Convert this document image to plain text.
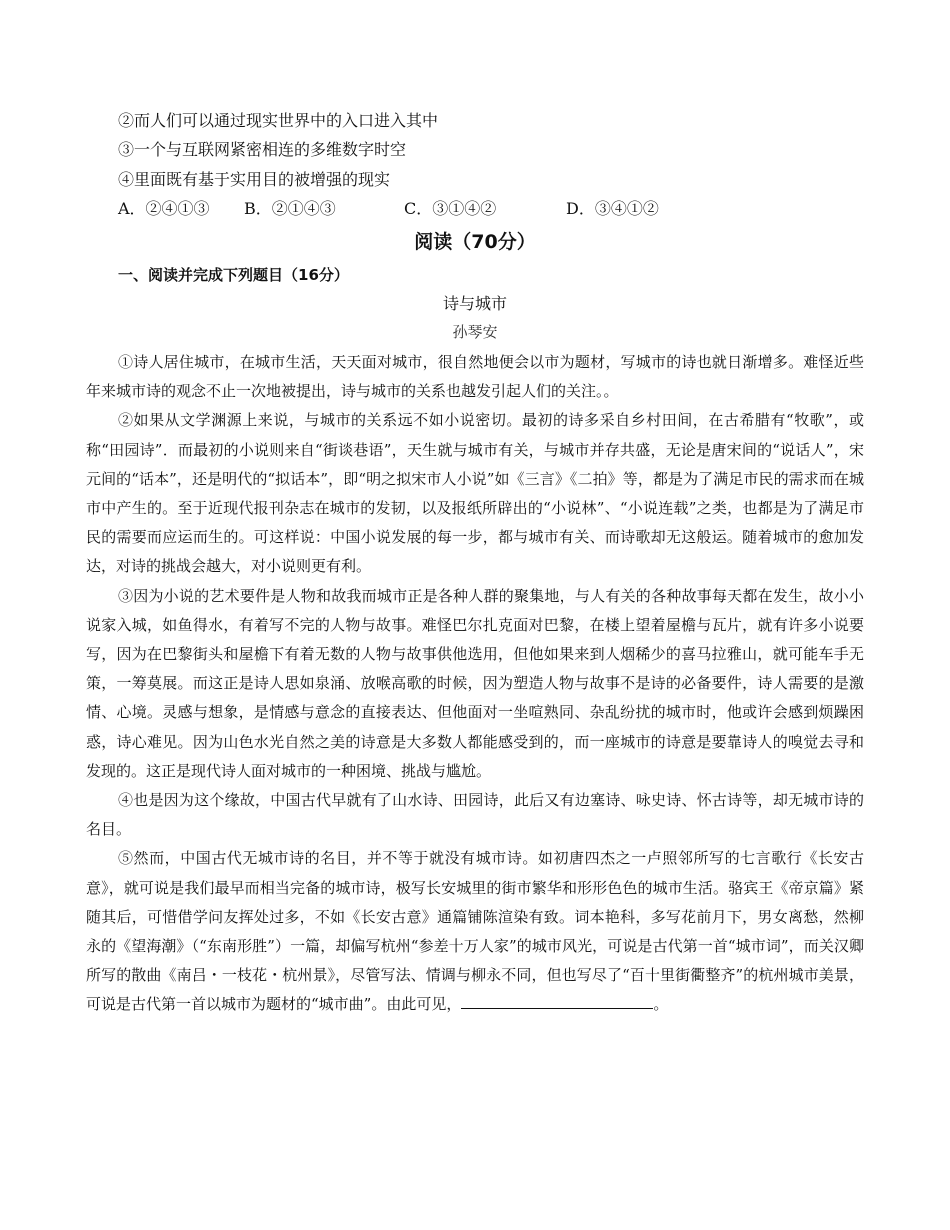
②而人们可以通过现实世界中的入口进入其中
③一个与互联网紧密相连的多维数字时空
④里面既有基于实用目的被增强的现实
A．②④①③ B．②①④③	C．③①④②	D．③④①②
阅读（70分）
一、阅读并完成下列题目（16分）
诗与城市
孙琴安

①诗人居住城市，在城市生活，天天面对城市，很自然地便会以市为题材，写城市的诗也就日渐增多。难怪近些年来城市诗的观念不止一次地被提出，诗与城市的关系也越发引起人们的关注。。

②如果从文学渊源上来说，与城市的关系远不如小说密切。最初的诗多采自乡村田间，在古希腊有“牧歌”，或称“田园诗”．而最初的小说则来自“街谈巷语”，天生就与城市有关，与城市并存共盛，无论是唐宋间的“说话人”，宋元间的“话本”，还是明代的“拟话本”，即“明之拟宋市人小说”如《三言》《二拍》等，都是为了满足市民的需求而在城市中产生的。至于近现代报刊杂志在城市的发韧，以及报纸所辟出的“小说林”、“小说连载”之类，也都是为了满足市民的需要而应运而生的。可这样说：中国小说发展的每一步，都与城市有关、而诗歌却无这般运。随着城市的愈加发达，对诗的挑战会越大，对小说则更有利。

③因为小说的艺术要件是人物和故我而城市正是各种人群的聚集地，与人有关的各种故事每天都在发生，故小小说家入城，如鱼得水，有着写不完的人物与故事。难怪巴尔扎克面对巴黎，在楼上望着屋檐与瓦片，就有许多小说要写，因为在巴黎街头和屋檐下有着无数的人物与故事供他选用，但他如果来到人烟稀少的喜马拉雅山，就可能车手无策，一筹莫展。而这正是诗人思如泉涌、放喉高歌的时候，因为塑造人物与故事不是诗的必备要件，诗人需要的是激情、心境。灵感与想象，是情感与意念的直接表达、但他面对一坐喧熟同、杂乱纷扰的城市时，他或许会感到烦躁困惑，诗心难见。因为山色水光自然之美的诗意是大多数人都能感受到的，而一座城市的诗意是要靠诗人的嗅觉去寻和发现的。这正是现代诗人面对城市的一种困境、挑战与尴尬。

④也是因为这个缘故，中国古代早就有了山水诗、田园诗，此后又有边塞诗、咏史诗、怀古诗等，却无城市诗的名目。

⑤然而，中国古代无城市诗的名目，并不等于就没有城市诗。如初唐四杰之一卢照邻所写的七言歌行《长安古意》，就可说是我们最早而相当完备的城市诗，极写长安城里的街市繁华和形形色色的城市生活。骆宾王《帝京篇》紧随其后，可惜借学问友挥处过多，不如《长安古意》通篇铺陈渲染有致。词本艳科，多写花前月下，男女离愁，然柳永的《望海潮》（“东南形胜”）一篇，却偏写杭州“参差十万人家”的城市风光，可说是古代第一首“城市词”，而关汉卿所写的散曲《南吕・一枝花・杭州景》，尽管写法、情调与柳永不同，但也写尽了“百十里街衢整齐”的杭州城市美景，可说是古代第一首以城市为题材的“城市曲”。由此可见，	。
